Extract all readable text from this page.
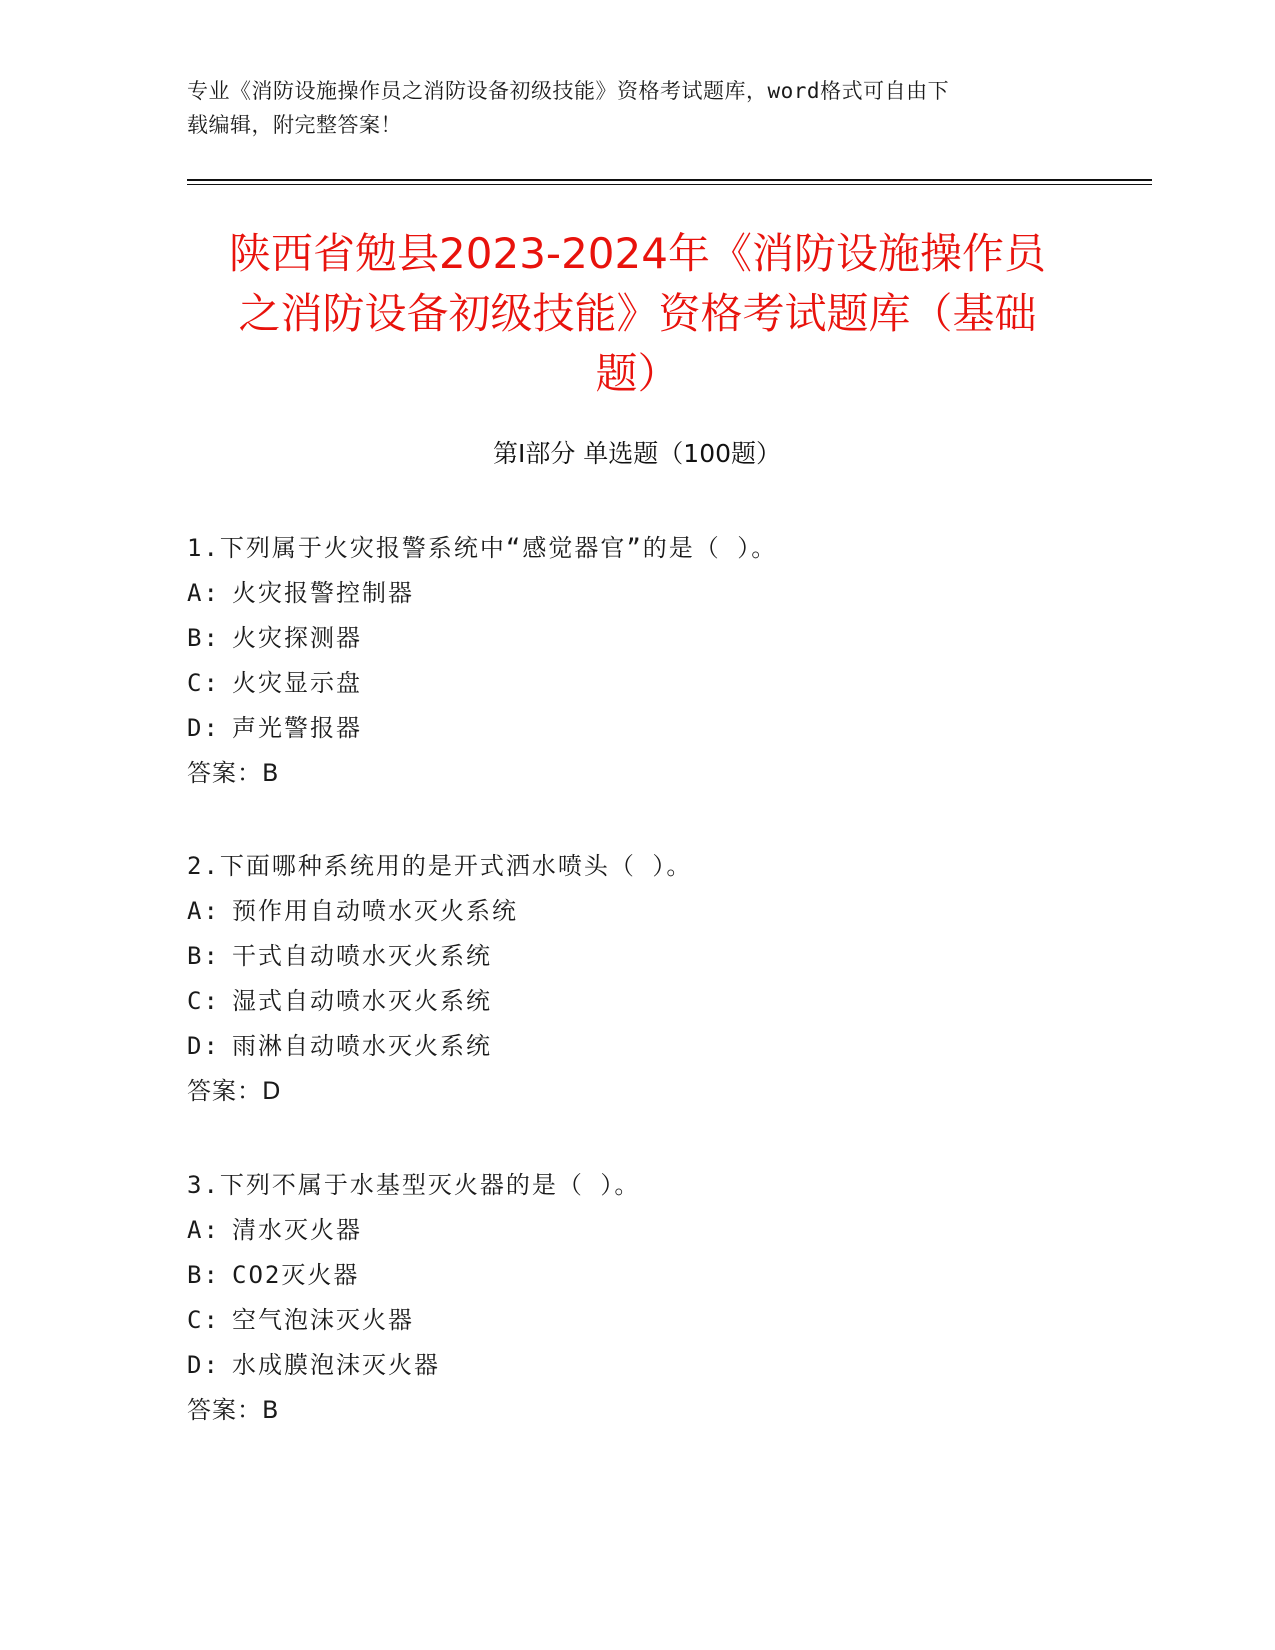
专业《消防设施操作员之消防设备初级技能》资格考试题库，word格式可自由下
载编辑，附完整答案！
陕西省勉县2023-2024年《消防设施操作员
之消防设备初级技能》资格考试题库（基础
题）
第Ⅰ部分 单选题（100题）
1.下列属于火灾报警系统中“感觉器官”的是（ ）。
A: 火灾报警控制器
B: 火灾探测器
C: 火灾显示盘
D: 声光警报器
答案：B
2.下面哪种系统用的是开式洒水喷头（ ）。
A: 预作用自动喷水灭火系统
B: 干式自动喷水灭火系统
C: 湿式自动喷水灭火系统
D: 雨淋自动喷水灭火系统
答案：D
3.下列不属于水基型灭火器的是（ ）。
A: 清水灭火器
B: CO2灭火器
C: 空气泡沫灭火器
D: 水成膜泡沫灭火器
答案：B
